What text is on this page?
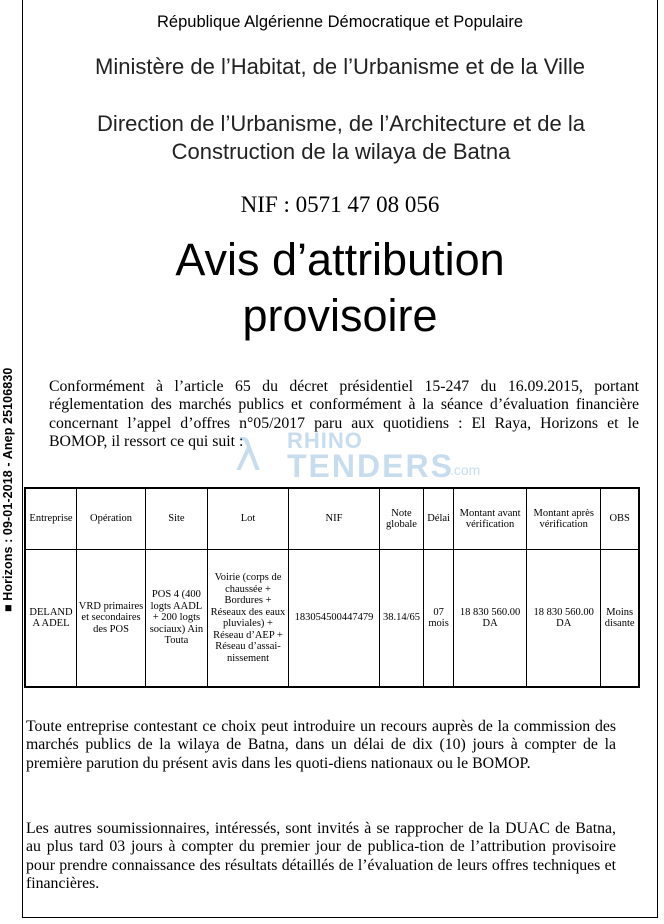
■ Horizons : 09-01-2018 - Anep 25106830
République Algérienne Démocratique et Populaire
Ministère de l’Habitat, de l’Urbanisme et de la Ville
Direction de l’Urbanisme, de l’Architecture et de la Construction de la wilaya de Batna
NIF : 0571 47 08 056
Avis d’attribution
provisoire
Conformément à l’article 65 du décret présidentiel 15-247 du 16.09.2015, portant réglementation des marchés publics et conformément à la séance d’évaluation financière concernant l’appel d’offres n°05/2017 paru aux quotidiens : El Raya, Horizons et le BOMOP, il ressort ce qui suit :
λ RHINO
TENDERS
.com
Entreprise	Opération	Site	Lot	NIF	Note globale	Délai	Montant avant vérification	Montant après vérification	OBS
DELAND A ADEL	VRD primaires et secondaires des POS	POS 4 (400 logts AADL + 200 logts sociaux) Ain Touta	Voirie (corps de chaussée + Bordures + Réseaux des eaux pluviales) + Réseau d’AEP + Réseau d’assai-nissement	183054500447479	38.14/65	07 mois	18 830 560.00 DA	18 830 560.00 DA	Moins disante
Toute entreprise contestant ce choix peut introduire un recours auprès de la commission des marchés publics de la wilaya de Batna, dans un délai de dix (10) jours à compter de la première parution du présent avis dans les quoti-diens nationaux ou le BOMOP.
Les autres soumissionnaires, intéressés, sont invités à se rapprocher de la DUAC de Batna, au plus tard 03 jours à compter du premier jour de publica-tion de l’attribution provisoire pour prendre connaissance des résultats détaillés de l’évaluation de leurs offres techniques et financières.
